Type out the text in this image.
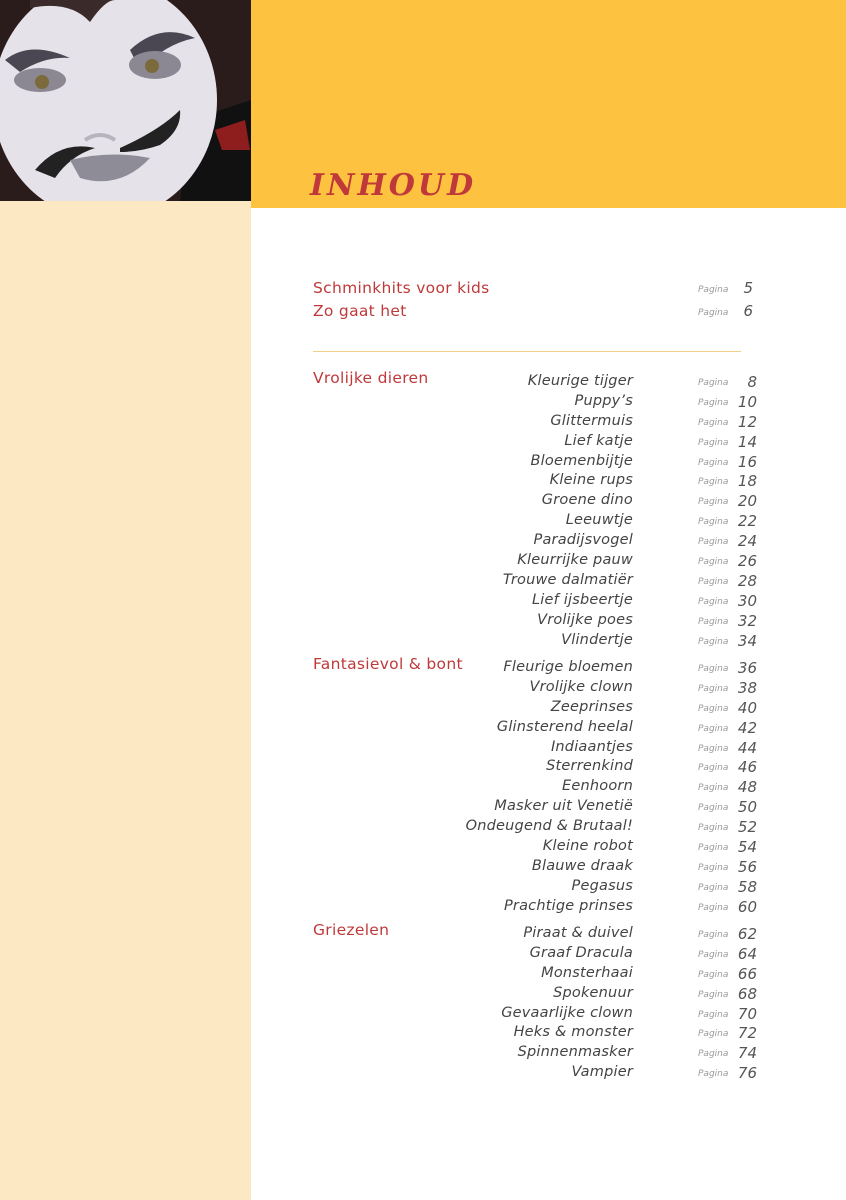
INHOUD
Schminkhits voor kids	Pagina	5
Zo gaat het	Pagina	6
Vrolijke dieren	Kleurige tijger	Pagina	8
Puppy’s	Pagina 10
Glittermuis	Pagina 12
Lief katje	Pagina 14
Bloemenbijtje	Pagina 16
Kleine rups	Pagina 18
Groene dino	Pagina 20
Leeuwtje	Pagina 22
Paradijsvogel	Pagina 24
Kleurrijke pauw	Pagina 26
Trouwe dalmatiër	Pagina 28
Lief ijsbeertje	Pagina 30
Vrolijke poes	Pagina 32
Vlindertje	Pagina 34
Fantasievol & bont	Fleurige bloemen	Pagina 36
Vrolijke clown	Pagina 38
Zeeprinses	Pagina 40
Glinsterend heelal	Pagina 42
Indiaantjes	Pagina 44
Sterrenkind	Pagina 46
Eenhoorn	Pagina 48
Masker uit Venetië	Pagina 50
Ondeugend & Brutaal!	Pagina 52
Kleine robot	Pagina 54
Blauwe draak	Pagina 56
Pegasus	Pagina 58
Prachtige prinses	Pagina 60
Griezelen	Piraat & duivel	Pagina 62
Graaf Dracula	Pagina 64
Monsterhaai	Pagina 66
Spokenuur	Pagina 68
Gevaarlijke clown	Pagina 70
Heks & monster	Pagina 72
Spinnenmasker	Pagina 74
Vampier	Pagina 76
